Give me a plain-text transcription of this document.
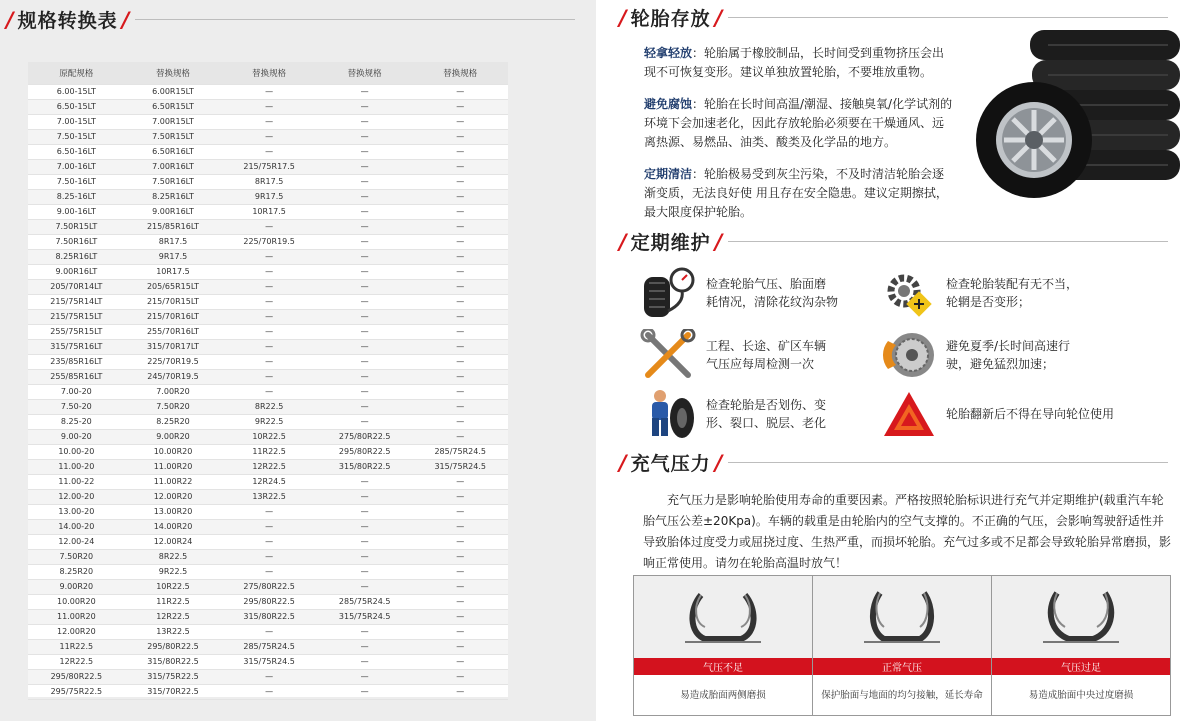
/ 规格转换表 /
原配规格	替换规格	替换规格	替换规格	替换规格
6.00-15LT	6.00R15LT	—	—	—
6.50-15LT	6.50R15LT	—	—	—
7.00-15LT	7.00R15LT	—	—	—
7.50-15LT	7.50R15LT	—	—	—
6.50-16LT	6.50R16LT	—	—	—
7.00-16LT	7.00R16LT	215/75R17.5	—	—
7.50-16LT	7.50R16LT	8R17.5	—	—
8.25-16LT	8.25R16LT	9R17.5	—	—
9.00-16LT	9.00R16LT	10R17.5	—	—
7.50R15LT	215/85R16LT	—	—	—
7.50R16LT	8R17.5	225/70R19.5	—	—
8.25R16LT	9R17.5	—	—	—
9.00R16LT	10R17.5	—	—	—
205/70R14LT	205/65R15LT	—	—	—
215/75R14LT	215/70R15LT	—	—	—
215/75R15LT	215/70R16LT	—	—	—
255/75R15LT	255/70R16LT	—	—	—
315/75R16LT	315/70R17LT	—	—	—
235/85R16LT	225/70R19.5	—	—	—
255/85R16LT	245/70R19.5	—	—	—
7.00-20	7.00R20	—	—	—
7.50-20	7.50R20	8R22.5	—	—
8.25-20	8.25R20	9R22.5	—	—
9.00-20	9.00R20	10R22.5	275/80R22.5	—
10.00-20	10.00R20	11R22.5	295/80R22.5	285/75R24.5
11.00-20	11.00R20	12R22.5	315/80R22.5	315/75R24.5
11.00-22	11.00R22	12R24.5	—	—
12.00-20	12.00R20	13R22.5	—	—
13.00-20	13.00R20	—	—	—
14.00-20	14.00R20	—	—	—
12.00-24	12.00R24	—	—	—
7.50R20	8R22.5	—	—	—
8.25R20	9R22.5	—	—	—
9.00R20	10R22.5	275/80R22.5	—	—
10.00R20	11R22.5	295/80R22.5	285/75R24.5	—
11.00R20	12R22.5	315/80R22.5	315/75R24.5	—
12.00R20	13R22.5	—	—	—
11R22.5	295/80R22.5	285/75R24.5	—	—
12R22.5	315/80R22.5	315/75R24.5	—	—
295/80R22.5	315/75R22.5	—	—	—
295/75R22.5	315/70R22.5	—	—	—
/ 轮胎存放 /

轻拿轻放：轮胎属于橡胶制品，长时间受到重物挤压会出现不可恢复变形。建议单独放置轮胎，不要堆放重物。

避免腐蚀：轮胎在长时间高温/潮湿、接触臭氧/化学试剂的环境下会加速老化，因此存放轮胎必须要在干燥通风、远离热源、易燃品、油类、酸类及化学品的地方。

定期清洁：轮胎极易受到灰尘污染，不及时清洁轮胎会逐渐变质，无法良好使 用且存在安全隐患。建议定期擦拭，最大限度保护轮胎。

/ 定期维护 /
检查轮胎气压、胎面磨
耗情况，清除花纹沟杂物
检查轮胎装配有无不当，
轮辋是否变形；
工程、长途、矿区车辆
气压应每周检测一次
避免夏季/长时间高速行
驶，避免猛烈加速；
检查轮胎是否划伤、变
形、裂口、脱层、老化
轮胎翻新后不得在导向轮位使用
/ 充气压力 /
充气压力是影响轮胎使用寿命的重要因素。严格按照轮胎标识进行充气并定期维护(载重汽车轮胎气压公差±20Kpa)。车辆的载重是由轮胎内的空气支撑的。不正确的气压，会影响驾驶舒适性并导致胎体过度受力或屈挠过度、生热严重，而损坏轮胎。充气过多或不足都会导致轮胎异常磨损，影响正常使用。请勿在轮胎高温时放气！
气压不足
易造成胎面两侧磨损
正常气压
保护胎面与地面的均匀接触，延长寿命
气压过足
易造成胎面中央过度磨损
